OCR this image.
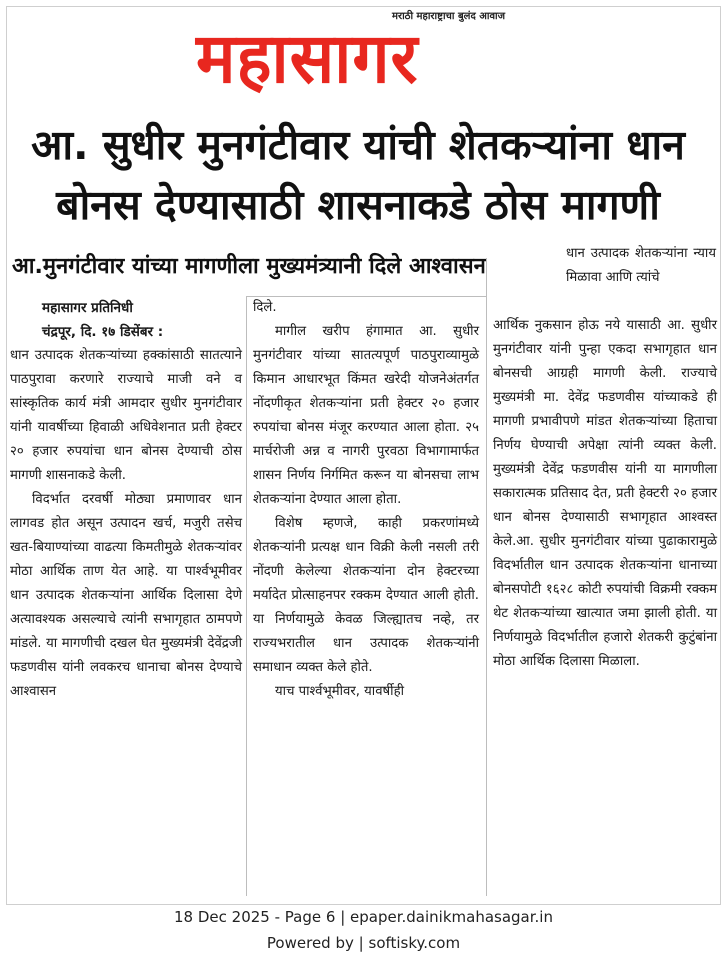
मराठी महाराष्ट्राचा बुलंद आवाज
महासागर
आ. सुधीर मुनगंटीवार यांची शेतकऱ्यांना धान
बोनस देण्यासाठी शासनाकडे ठोस मागणी
आ.मुनगंटीवार यांच्या मागणीला मुख्यमंत्र्यानी दिले आश्वासन

महासागर प्रतिनिधी

चंद्रपूर, दि. १७ डिसेंबर :

धान उत्पादक शेतकऱ्यांच्या हक्कांसाठी सातत्याने पाठपुरावा करणारे राज्याचे माजी वने व सांस्कृतिक कार्य मंत्री आमदार सुधीर मुनगंटीवार यांनी यावर्षीच्या हिवाळी अधिवेशनात प्रती हेक्टर २० हजार रुपयांचा धान बोनस देण्याची ठोस मागणी शासनाकडे केली.

विदर्भात दरवर्षी मोठ्या प्रमाणावर धान लागवड होत असून उत्पादन खर्च, मजुरी तसेच खत-बियाण्यांच्या वाढत्या किमतीमुळे शेतकऱ्यांवर मोठा आर्थिक ताण येत आहे. या पार्श्वभूमीवर धान उत्पादक शेतकऱ्यांना आर्थिक दिलासा देणे अत्यावश्यक असल्याचे त्यांनी सभागृहात ठामपणे मांडले. या मागणीची दखल घेत मुख्यमंत्री देवेंद्रजी फडणवीस यांनी लवकरच धानाचा बोनस देण्याचे आश्वासन

दिले.

मागील खरीप हंगामात आ. सुधीर मुनगंटीवार यांच्या सातत्यपूर्ण पाठपुराव्यामुळे किमान आधारभूत किंमत खरेदी योजनेअंतर्गत नोंदणीकृत शेतकऱ्यांना प्रती हेक्टर २० हजार रुपयांचा बोनस मंजूर करण्यात आला होता. २५ मार्चरोजी अन्न व नागरी पुरवठा विभागामार्फत शासन निर्णय निर्गमित करून या बोनसचा लाभ शेतकऱ्यांना देण्यात आला होता.

विशेष म्हणजे, काही प्रकरणांमध्ये शेतकऱ्यांनी प्रत्यक्ष धान विक्री केली नसली तरी नोंदणी केलेल्या शेतकऱ्यांना दोन हेक्टरच्या मर्यादेत प्रोत्साहनपर रक्कम देण्यात आली होती. या निर्णयामुळे केवळ जिल्ह्यातच नव्हे, तर राज्यभरातील धान उत्पादक शेतकऱ्यांनी समाधान व्यक्त केले होते.

याच पार्श्वभूमीवर, यावर्षीही

धान उत्पादक शेतकऱ्यांना न्याय मिळावा आणि त्यांचे

आर्थिक नुकसान होऊ नये यासाठी आ. सुधीर मुनगंटीवार यांनी पुन्हा एकदा सभागृहात धान बोनसची आग्रही मागणी केली. राज्याचे मुख्यमंत्री मा. देवेंद्र फडणवीस यांच्याकडे ही मागणी प्रभावीपणे मांडत शेतकऱ्यांच्या हिताचा निर्णय घेण्याची अपेक्षा त्यांनी व्यक्त केली. मुख्यमंत्री देवेंद्र फडणवीस यांनी या मागणीला सकारात्मक प्रतिसाद देत, प्रती हेक्टरी २० हजार धान बोनस देण्यासाठी सभागृहात आश्वस्त केले.आ. सुधीर मुनगंटीवार यांच्या पुढाकारामुळे विदर्भातील धान उत्पादक शेतकऱ्यांना धानाच्या बोनसपोटी १६२८ कोटी रुपयांची विक्रमी रक्कम थेट शेतकऱ्यांच्या खात्यात जमा झाली होती. या निर्णयामुळे विदर्भातील हजारो शेतकरी कुटुंबांना मोठा आर्थिक दिलासा मिळाला.

18 Dec 2025 - Page 6 | epaper.dainikmahasagar.in
Powered by | softisky.com
